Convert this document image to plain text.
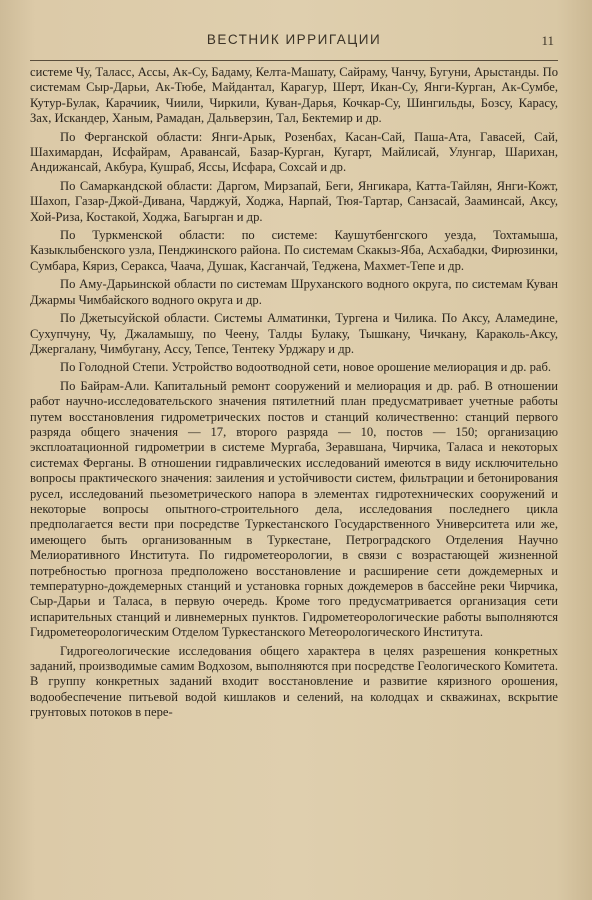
ВЕСТНИК ИРРИГАЦИИ	11

системе Чу, Таласс, Ассы, Ак-Су, Бадаму, Келта-Машату, Сайраму, Чанчу, Бугуни, Арыстанды. По системам Сыр-Дарьи, Ак-Тюбе, Майдантал, Карагур, Шерт, Икан-Су, Янги-Курган, Ак-Сумбе, Кутур-Булак, Карачиик, Чиили, Чиркили, Куван-Дарья, Кочкар-Су, Шингильды, Бозсу, Карасу, Зах, Искандер, Ханым, Рамадан, Дальверзин, Тал, Бектемир и др.

По Ферганской области: Янги-Арык, Розенбах, Касан-Сай, Паша-Ата, Гавасей, Сай, Шахимардан, Исфайрам, Араванcай, Базар-Курган, Кугарт, Майлисай, Улунгар, Шарихан, Андижансай, Акбура, Кушраб, Яссы, Исфара, Сохсай и др.

По Самаркандской области: Даргом, Мирзапай, Беги, Янгикара, Катта-Тайлян, Янги-Кожт, Шахоп, Газар-Джой-Дивана, Чарджуй, Ходжа, Нарпай, Тюя-Тартар, Санзасай, Зааминсай, Аксу, Хой-Риза, Костакой, Ходжа, Багырган и др.

По Туркменской области: по системе: Каушутбенгского уезда, Тохтамыша, Казыклыбенского узла, Пенджинского района. По системам Скакыз-Яба, Асхабадки, Фирюзинки, Сумбара, Кяриз, Серакса, Чаача, Душак, Касганчай, Теджена, Махмет-Тепе и др.

По Аму-Дарьинской области по системам Шруханского водного округа, по системам Куван Джармы Чимбайского водного округа и др.

По Джетысуйской области. Системы Алматинки, Тургена и Чилика. По Аксу, Аламедине, Сухупчуну, Чу, Джаламышу, по Чеену, Талды Булаку, Тышкану, Чичкану, Караколь-Аксу, Джергалану, Чимбугану, Ассу, Тепсе, Тентеку Урджару и др.

По Голодной Степи. Устройство водоотводной сети, новое орошение мелиорация и др. раб.

По Байрам-Али. Капитальный ремонт сооружений и мелиорация и др. раб. В отношении работ научно-исследовательского значения пятилетний план предусматривает учетные работы путем восстановления гидрометрических постов и станций количественно: станций первого разряда общего значения — 17, второго разряда — 10, постов — 150; организацию эксплоатационной гидрометрии в системе Мургаба, Зеравшана, Чирчика, Таласа и некоторых системах Ферганы. В отношении гидравлических исследований имеются в виду исключительно вопросы практического значения: заиления и устойчивости систем, фильтрации и бетонирования русел, исследований пьезометрического напора в элементах гидротехнических сооружений и некоторые вопросы опытного-строительного дела, исследования последнего цикла предполагается вести при посредстве Туркестанского Государственного Университета или же, имеющего быть организованным в Туркестане, Петроградского Отделения Научно Мелиоративного Института. По гидрометеорологии, в связи с возрастающей жизненной потребностью прогноза предположено восстановление и расширение сети дождемерных и температурно-дождемерных станций и установка горных дождемеров в бассейне реки Чирчика, Сыр-Дарьи и Таласа, в первую очередь. Кроме того предусматривается организация сети испарительных станций и ливнемерных пунктов. Гидрометеорологические работы выполняются Гидрометеорологическим Отделом Туркестанского Метеорологического Института.

Гидрогеологические исследования общего характера в целях разрешения конкретных заданий, производимые самим Водхозом, выполняются при посредстве Геологического Комитета. В группу конкретных заданий входит восстановление и развитие кяризного орошения, водообеспечение питьевой водой кишлаков и селений, на колодцах и скважинах, вскрытие грунтовых потоков в пере-
